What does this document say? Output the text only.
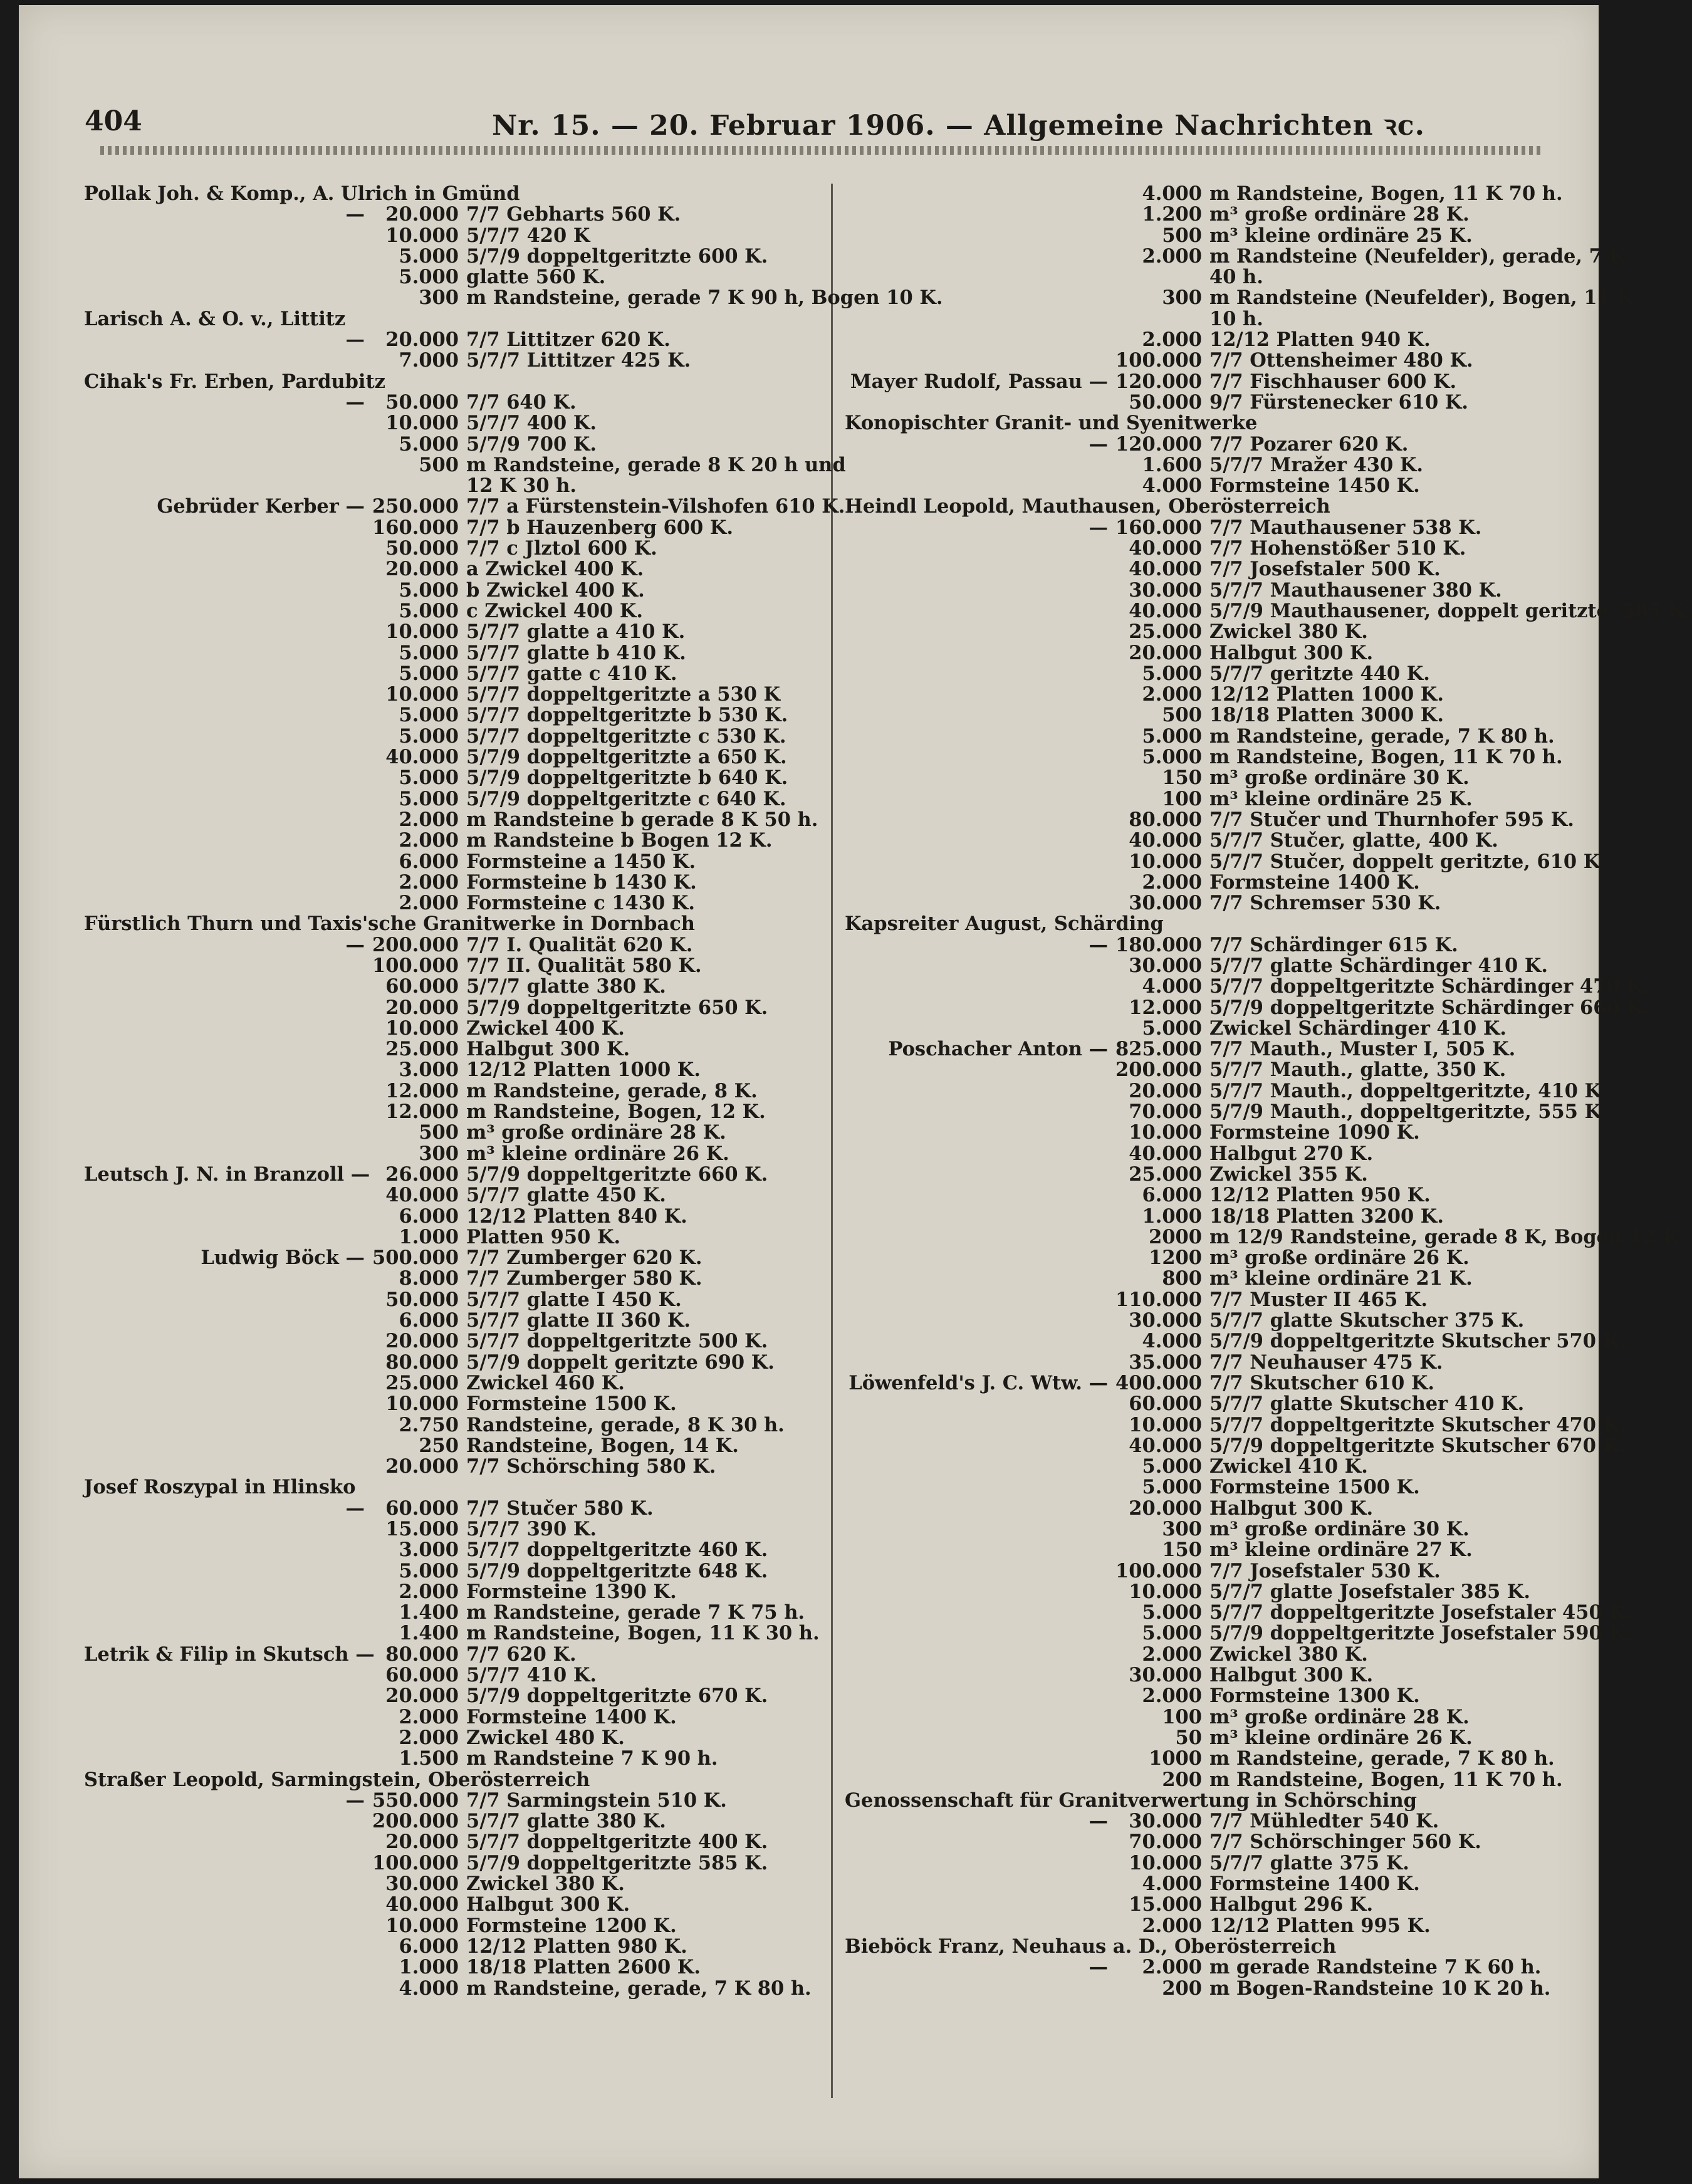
404	Nr. 15. — 20. Februar 1906. — Allgemeine Nachrichten ꝛc.
Pollak Joh. & Komp., A. Ulrich in Gmünd
— 20.000 7/7 Gebharts 560 K.
10.000 5/7/7 420 K
5.000 5/7/9 doppeltgeritzte 600 K.
5.000 glatte 560 K.
300 m Randsteine, gerade 7 K 90 h, Bogen 10 K.
Larisch A. & O. v., Littitz
— 20.000 7/7 Littitzer 620 K.
7.000 5/7/7 Littitzer 425 K.
Cihak's Fr. Erben, Pardubitz
— 50.000 7/7 640 K.
10.000 5/7/7 400 K.
5.000 5/7/9 700 K.
500 m Randsteine, gerade 8 K 20 h und
12 K 30 h.
Gebrüder Kerber — 250.000 7/7 a Fürstenstein-Vilshofen 610 K.
160.000 7/7 b Hauzenberg 600 K.
50.000 7/7 c Jlztol 600 K.
20.000 a Zwickel 400 K.
5.000 b Zwickel 400 K.
5.000 c Zwickel 400 K.
10.000 5/7/7 glatte a 410 K.
5.000 5/7/7 glatte b 410 K.
5.000 5/7/7 gatte c 410 K.
10.000 5/7/7 doppeltgeritzte a 530 K
5.000 5/7/7 doppeltgeritzte b 530 K.
5.000 5/7/7 doppeltgeritzte c 530 K.
40.000 5/7/9 doppeltgeritzte a 650 K.
5.000 5/7/9 doppeltgeritzte b 640 K.
5.000 5/7/9 doppeltgeritzte c 640 K.
2.000 m Randsteine b gerade 8 K 50 h.
2.000 m Randsteine b Bogen 12 K.
6.000 Formsteine a 1450 K.
2.000 Formsteine b 1430 K.
2.000 Formsteine c 1430 K.
Fürstlich Thurn und Taxis'sche Granitwerke in Dornbach
— 200.000 7/7 I. Qualität 620 K.
100.000 7/7 II. Qualität 580 K.
60.000 5/7/7 glatte 380 K.
20.000 5/7/9 doppeltgeritzte 650 K.
10.000 Zwickel 400 K.
25.000 Halbgut 300 K.
3.000 12/12 Platten 1000 K.
12.000 m Randsteine, gerade, 8 K.
12.000 m Randsteine, Bogen, 12 K.
500 m³ große ordinäre 28 K.
300 m³ kleine ordinäre 26 K.
Leutsch J. N. in Branzoll — 26.000 5/7/9 doppeltgeritzte 660 K.
40.000 5/7/7 glatte 450 K.
6.000 12/12 Platten 840 K.
1.000 Platten 950 K.
Ludwig Böck — 500.000 7/7 Zumberger 620 K.
8.000 7/7 Zumberger 580 K.
50.000 5/7/7 glatte I 450 K.
6.000 5/7/7 glatte II 360 K.
20.000 5/7/7 doppeltgeritzte 500 K.
80.000 5/7/9 doppelt geritzte 690 K.
25.000 Zwickel 460 K.
10.000 Formsteine 1500 K.
2.750 Randsteine, gerade, 8 K 30 h.
250 Randsteine, Bogen, 14 K.
20.000 7/7 Schörsching 580 K.
Josef Roszypal in Hlinsko
— 60.000 7/7 Stučer 580 K.
15.000 5/7/7 390 K.
3.000 5/7/7 doppeltgeritzte 460 K.
5.000 5/7/9 doppeltgeritzte 648 K.
2.000 Formsteine 1390 K.
1.400 m Randsteine, gerade 7 K 75 h.
1.400 m Randsteine, Bogen, 11 K 30 h.
Letrik & Filip in Skutsch — 80.000 7/7 620 K.
60.000 5/7/7 410 K.
20.000 5/7/9 doppeltgeritzte 670 K.
2.000 Formsteine 1400 K.
2.000 Zwickel 480 K.
1.500 m Randsteine 7 K 90 h.
Straßer Leopold, Sarmingstein, Oberösterreich
— 550.000 7/7 Sarmingstein 510 K.
200.000 5/7/7 glatte 380 K.
20.000 5/7/7 doppeltgeritzte 400 K.
100.000 5/7/9 doppeltgeritzte 585 K.
30.000 Zwickel 380 K.
40.000 Halbgut 300 K.
10.000 Formsteine 1200 K.
6.000 12/12 Platten 980 K.
1.000 18/18 Platten 2600 K.
4.000 m Randsteine, gerade, 7 K 80 h.
4.000 m Randsteine, Bogen, 11 K 70 h.
1.200 m³ große ordinäre 28 K.
500 m³ kleine ordinäre 25 K.
2.000 m Randsteine (Neufelder), gerade, 7 K
40 h.
300 m Randsteine (Neufelder), Bogen, 11 K
10 h.
2.000 12/12 Platten 940 K.
100.000 7/7 Ottensheimer 480 K.
Mayer Rudolf, Passau — 120.000 7/7 Fischhauser 600 K.
50.000 9/7 Fürstenecker 610 K.
Konopischter Granit- und Syenitwerke
— 120.000 7/7 Pozarer 620 K.
1.600 5/7/7 Mražer 430 K.
4.000 Formsteine 1450 K.
Heindl Leopold, Mauthausen, Oberösterreich
— 160.000 7/7 Mauthausener 538 K.
40.000 7/7 Hohenstößer 510 K.
40.000 7/7 Josefstaler 500 K.
30.000 5/7/7 Mauthausener 380 K.
40.000 5/7/9 Mauthausener, doppelt geritzte, 585 K.
25.000 Zwickel 380 K.
20.000 Halbgut 300 K.
5.000 5/7/7 geritzte 440 K.
2.000 12/12 Platten 1000 K.
500 18/18 Platten 3000 K.
5.000 m Randsteine, gerade, 7 K 80 h.
5.000 m Randsteine, Bogen, 11 K 70 h.
150 m³ große ordinäre 30 K.
100 m³ kleine ordinäre 25 K.
80.000 7/7 Stučer und Thurnhofer 595 K.
40.000 5/7/7 Stučer, glatte, 400 K.
10.000 5/7/7 Stučer, doppelt geritzte, 610 K.
2.000 Formsteine 1400 K.
30.000 7/7 Schremser 530 K.
Kapsreiter August, Schärding
— 180.000 7/7 Schärdinger 615 K.
30.000 5/7/7 glatte Schärdinger 410 K.
4.000 5/7/7 doppeltgeritzte Schärdinger 470 K.
12.000 5/7/9 doppeltgeritzte Schärdinger 660 K.
5.000 Zwickel Schärdinger 410 K.
Poschacher Anton — 825.000 7/7 Mauth., Muster I, 505 K.
200.000 5/7/7 Mauth., glatte, 350 K.
20.000 5/7/7 Mauth., doppeltgeritzte, 410 K.
70.000 5/7/9 Mauth., doppeltgeritzte, 555 K.
10.000 Formsteine 1090 K.
40.000 Halbgut 270 K.
25.000 Zwickel 355 K.
6.000 12/12 Platten 950 K.
1.000 18/18 Platten 3200 K.
2000 m 12/9 Randsteine, gerade 8 K, Bogen 12 K.
1200 m³ große ordinäre 26 K.
800 m³ kleine ordinäre 21 K.
110.000 7/7 Muster II 465 K.
30.000 5/7/7 glatte Skutscher 375 K.
4.000 5/7/9 doppeltgeritzte Skutscher 570 K.
35.000 7/7 Neuhauser 475 K.
Löwenfeld's J. C. Wtw. — 400.000 7/7 Skutscher 610 K.
60.000 5/7/7 glatte Skutscher 410 K.
10.000 5/7/7 doppeltgeritzte Skutscher 470 K.
40.000 5/7/9 doppeltgeritzte Skutscher 670 K.
5.000 Zwickel 410 K.
5.000 Formsteine 1500 K.
20.000 Halbgut 300 K.
300 m³ große ordinäre 30 K.
150 m³ kleine ordinäre 27 K.
100.000 7/7 Josefstaler 530 K.
10.000 5/7/7 glatte Josefstaler 385 K.
5.000 5/7/7 doppeltgeritzte Josefstaler 450 K.
5.000 5/7/9 doppeltgeritzte Josefstaler 590 K.
2.000 Zwickel 380 K.
30.000 Halbgut 300 K.
2.000 Formsteine 1300 K.
100 m³ große ordinäre 28 K.
50 m³ kleine ordinäre 26 K.
1000 m Randsteine, gerade, 7 K 80 h.
200 m Randsteine, Bogen, 11 K 70 h.
Genossenschaft für Granitverwertung in Schörsching
— 30.000 7/7 Mühledter 540 K.
70.000 7/7 Schörschinger 560 K.
10.000 5/7/7 glatte 375 K.
4.000 Formsteine 1400 K.
15.000 Halbgut 296 K.
2.000 12/12 Platten 995 K.
Bieböck Franz, Neuhaus a. D., Oberösterreich
— 2.000 m gerade Randsteine 7 K 60 h.
200 m Bogen-Randsteine 10 K 20 h.
